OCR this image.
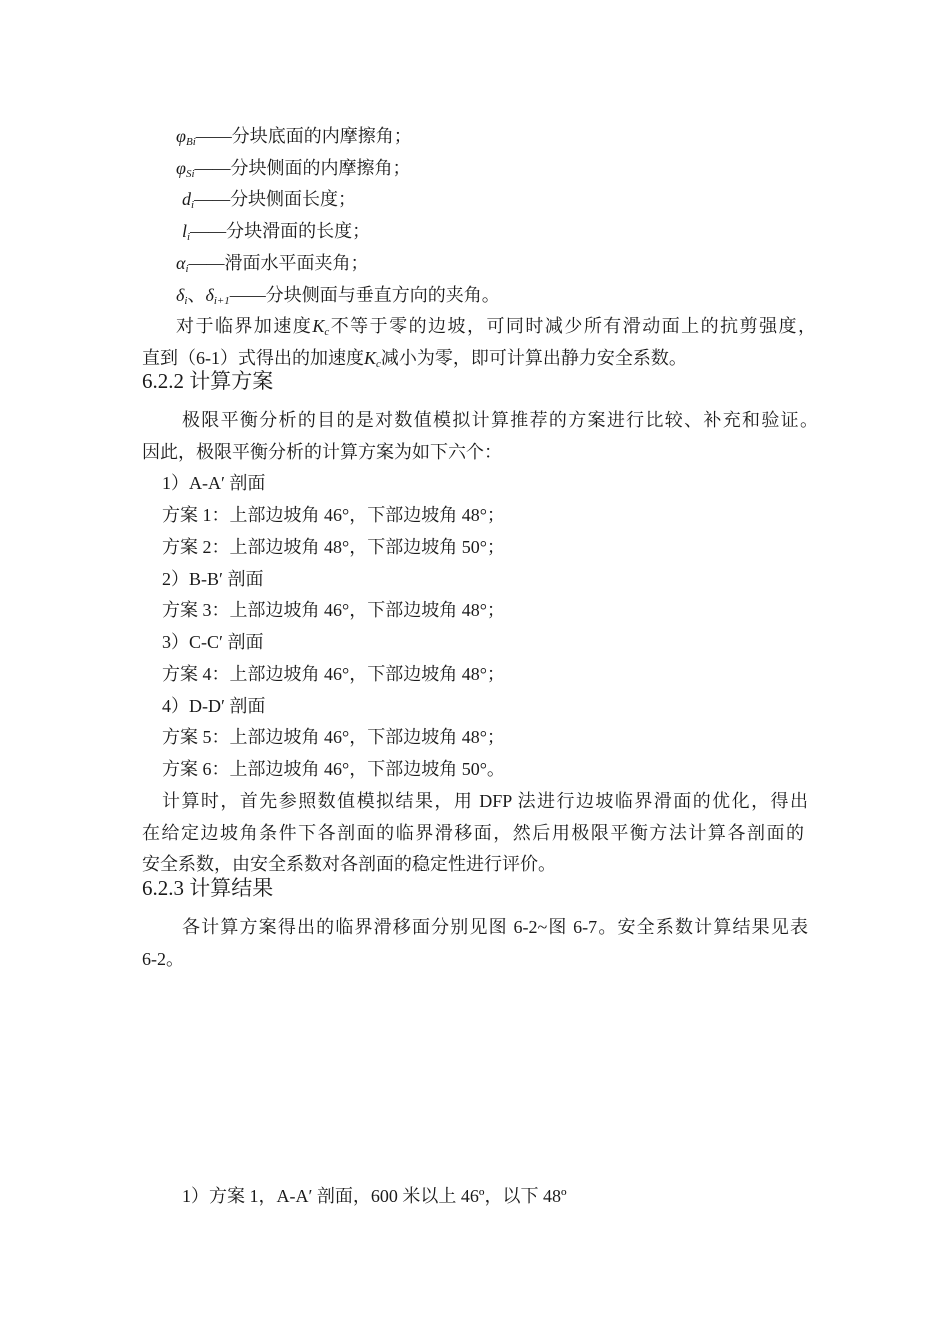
$\varphi_{Bi}——$分块底面的内摩擦角；
$\varphi_{Si}——$分块侧面的内摩擦角；
$d_i——$分块侧面长度；
$l_i——$分块滑面的长度；
$\alpha_i——$滑面水平面夹角；
$\delta_i$、$\delta_{i+1}——$分块侧面与垂直方向的夹角。
对于临界加速度$K_c$不等于零的边坡，可同时减少所有滑动面上的抗剪强度，
直到（6-1）式得出的加速度$K_c$减小为零，即可计算出静力安全系数。
6.2.2 计算方案
极限平衡分析的目的是对数值模拟计算推荐的方案进行比较、补充和验证。
因此，极限平衡分析的计算方案为如下六个：
1）A-A′ 剖面
方案 1：上部边坡角 46°，下部边坡角 48°；
方案 2：上部边坡角 48°，下部边坡角 50°；
2）B-B′ 剖面
方案 3：上部边坡角 46°，下部边坡角 48°；
3）C-C′ 剖面
方案 4：上部边坡角 46°，下部边坡角 48°；
4）D-D′ 剖面
方案 5：上部边坡角 46°，下部边坡角 48°；
方案 6：上部边坡角 46°，下部边坡角 50°。
计算时，首先参照数值模拟结果，用 DFP 法进行边坡临界滑面的优化，得出
在给定边坡角条件下各剖面的临界滑移面，然后用极限平衡方法计算各剖面的
安全系数，由安全系数对各剖面的稳定性进行评价。
6.2.3 计算结果
各计算方案得出的临界滑移面分别见图 6-2~图 6-7。安全系数计算结果见表
6-2。
1）方案 1，A-A′ 剖面，600 米以上 46º，以下 48º
